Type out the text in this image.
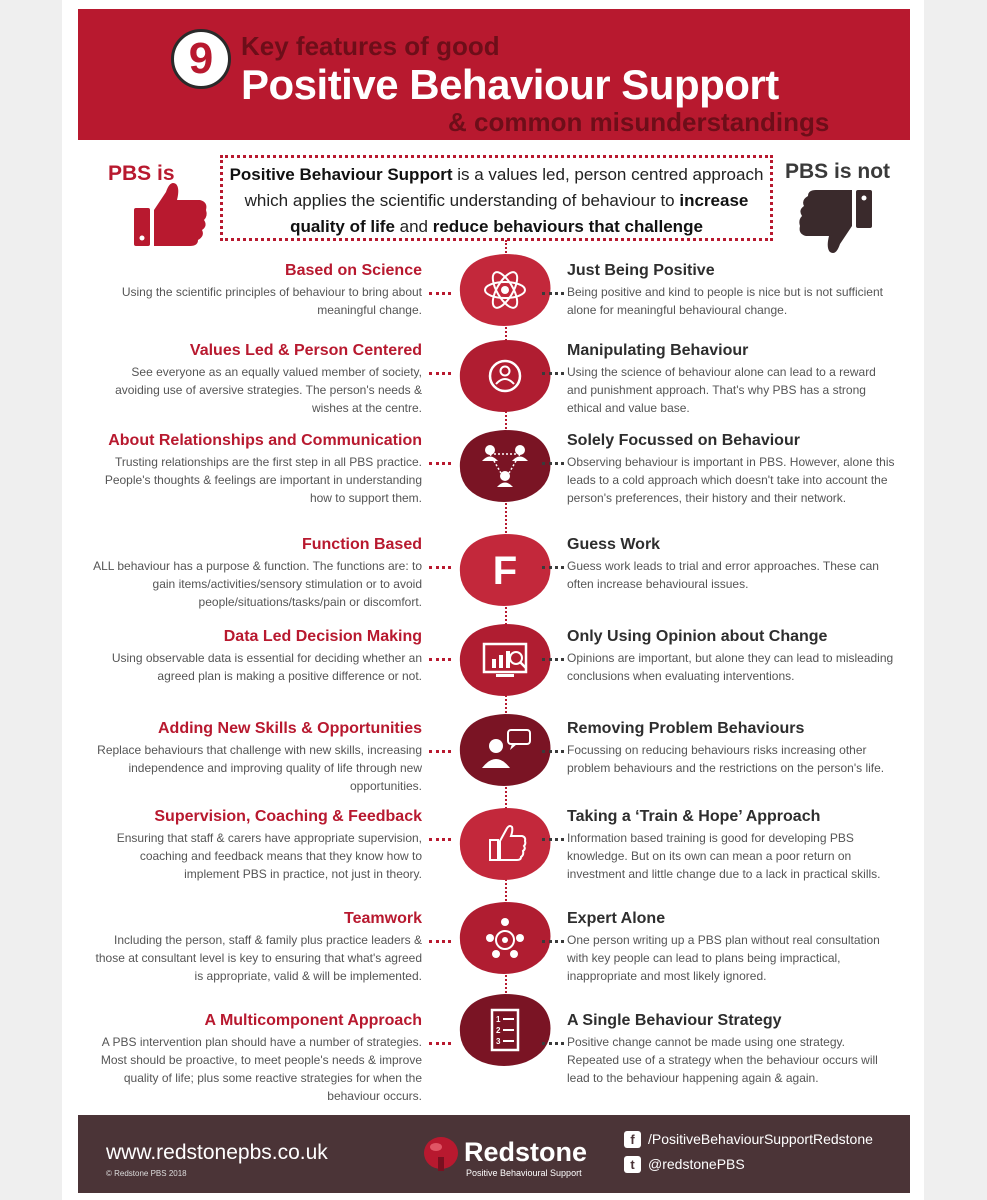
9	Key features of good
Positive Behaviour Support
& common misunderstandings
PBS is	PBS is not
Positive Behaviour Support is a values led, person centred approach which applies the scientific understanding of behaviour to increase quality of life and reduce behaviours that challenge
Based on Science

Using the scientific principles of behaviour to bring about meaningful change.

Just Being Positive

Being positive and kind to people is nice but is not sufficient alone for meaningful behavioural change.

Values Led & Person Centered

See everyone as an equally valued member of society, avoiding use of aversive strategies. The person's needs & wishes at the centre.

Manipulating Behaviour

Using the science of behaviour alone can lead to a reward and punishment approach. That's why PBS has a strong ethical and value base.

About Relationships and Communication

Trusting relationships are the first step in all PBS practice. People's thoughts & feelings are important in understanding how to support them.

Solely Focussed on Behaviour

Observing behaviour is important in PBS. However, alone this leads to a cold approach which doesn't take into account the person's preferences, their history and their network.

Function Based

ALL behaviour has a purpose & function. The functions are: to gain items/activities/sensory stimulation or to avoid people/situations/tasks/pain or discomfort.

F
Guess Work

Guess work leads to trial and error approaches. These can often increase behavioural issues.

Data Led Decision Making

Using observable data is essential for deciding whether an agreed plan is making a positive difference or not.

Only Using Opinion about Change

Opinions are important, but alone they can lead to misleading conclusions when evaluating interventions.

Adding New Skills & Opportunities

Replace behaviours that challenge with new skills, increasing independence and improving quality of life through new opportunities.

Removing Problem Behaviours

Focussing on reducing behaviours risks increasing other problem behaviours and the restrictions on the person's life.

Supervision, Coaching & Feedback

Ensuring that staff & carers have appropriate supervision, coaching and feedback means that they know how to implement PBS in practice, not just in theory.

Taking a ‘Train & Hope’ Approach

Information based training is good for developing PBS knowledge. But on its own can mean a poor return on investment and little change due to a lack in practical skills.

Teamwork

Including the person, staff & family plus practice leaders & those at consultant level is key to ensuring that what's agreed is appropriate, valid & will be implemented.

Expert Alone

One person writing up a PBS plan without real consultation with key people can lead to plans being impractical, inappropriate and most likely ignored.

A Multicomponent Approach

A PBS intervention plan should have a number of strategies. Most should be proactive, to meet people's needs & improve quality of life; plus some reactive strategies for when the behaviour occurs.

1
2
3
A Single Behaviour Strategy

Positive change cannot be made using one strategy. Repeated use of a strategy when the behaviour occurs will lead to the behaviour happening again & again.

www.redstonepbs.co.uk
© Redstone PBS 2018
Redstone
Positive Behavioural Support
f /PositiveBehaviourSupportRedstone
t @redstonePBS
